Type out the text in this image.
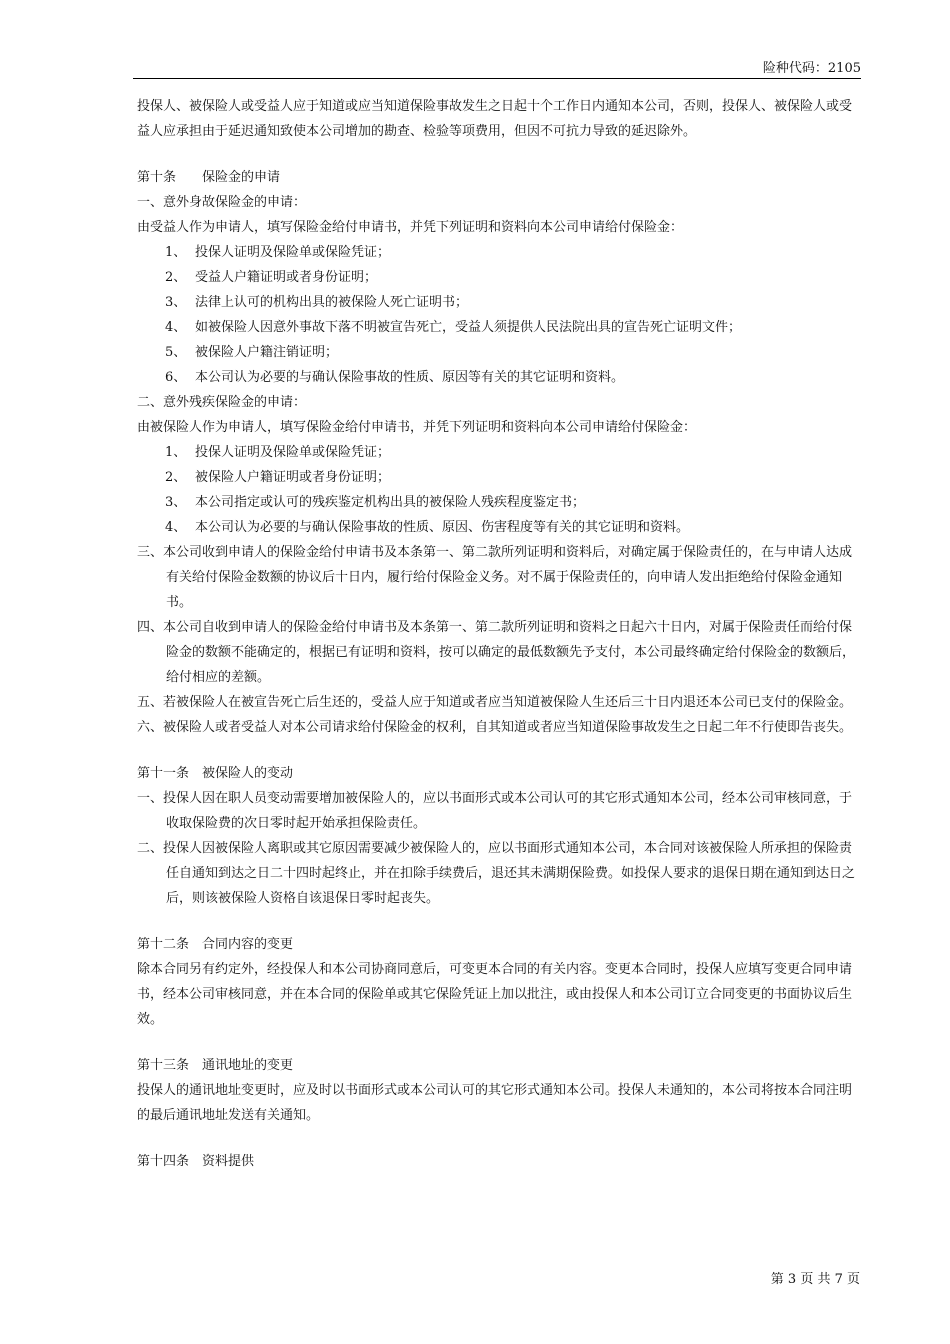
险种代码：2105

投保人、被保险人或受益人应于知道或应当知道保险事故发生之日起十个工作日内通知本公司，否则，投保人、被保险人或受益人应承担由于延迟通知致使本公司增加的勘查、检验等项费用，但因不可抗力导致的延迟除外。

第十条　　保险金的申请

一、意外身故保险金的申请：

由受益人作为申请人，填写保险金给付申请书，并凭下列证明和资料向本公司申请给付保险金：

1、 投保人证明及保险单或保险凭证；

2、 受益人户籍证明或者身份证明；

3、 法律上认可的机构出具的被保险人死亡证明书；

4、 如被保险人因意外事故下落不明被宣告死亡，受益人须提供人民法院出具的宣告死亡证明文件；

5、 被保险人户籍注销证明；

6、 本公司认为必要的与确认保险事故的性质、原因等有关的其它证明和资料。

二、意外残疾保险金的申请：

由被保险人作为申请人，填写保险金给付申请书，并凭下列证明和资料向本公司申请给付保险金：

1、 投保人证明及保险单或保险凭证；

2、 被保险人户籍证明或者身份证明；

3、 本公司指定或认可的残疾鉴定机构出具的被保险人残疾程度鉴定书；

4、 本公司认为必要的与确认保险事故的性质、原因、伤害程度等有关的其它证明和资料。

三、本公司收到申请人的保险金给付申请书及本条第一、第二款所列证明和资料后，对确定属于保险责任的，在与申请人达成有关给付保险金数额的协议后十日内，履行给付保险金义务。对不属于保险责任的，向申请人发出拒绝给付保险金通知书。

四、本公司自收到申请人的保险金给付申请书及本条第一、第二款所列证明和资料之日起六十日内，对属于保险责任而给付保险金的数额不能确定的，根据已有证明和资料，按可以确定的最低数额先予支付，本公司最终确定给付保险金的数额后，给付相应的差额。

五、若被保险人在被宣告死亡后生还的，受益人应于知道或者应当知道被保险人生还后三十日内退还本公司已支付的保险金。

六、被保险人或者受益人对本公司请求给付保险金的权利，自其知道或者应当知道保险事故发生之日起二年不行使即告丧失。

第十一条　被保险人的变动

一、投保人因在职人员变动需要增加被保险人的，应以书面形式或本公司认可的其它形式通知本公司，经本公司审核同意，于收取保险费的次日零时起开始承担保险责任。

二、投保人因被保险人离职或其它原因需要减少被保险人的，应以书面形式通知本公司，本合同对该被保险人所承担的保险责任自通知到达之日二十四时起终止，并在扣除手续费后，退还其未满期保险费。如投保人要求的退保日期在通知到达日之后，则该被保险人资格自该退保日零时起丧失。

第十二条　合同内容的变更

除本合同另有约定外，经投保人和本公司协商同意后，可变更本合同的有关内容。变更本合同时，投保人应填写变更合同申请书，经本公司审核同意，并在本合同的保险单或其它保险凭证上加以批注，或由投保人和本公司订立合同变更的书面协议后生效。

第十三条　通讯地址的变更

投保人的通讯地址变更时，应及时以书面形式或本公司认可的其它形式通知本公司。投保人未通知的，本公司将按本合同注明的最后通讯地址发送有关通知。

第十四条　资料提供

第 3 页 共 7 页
